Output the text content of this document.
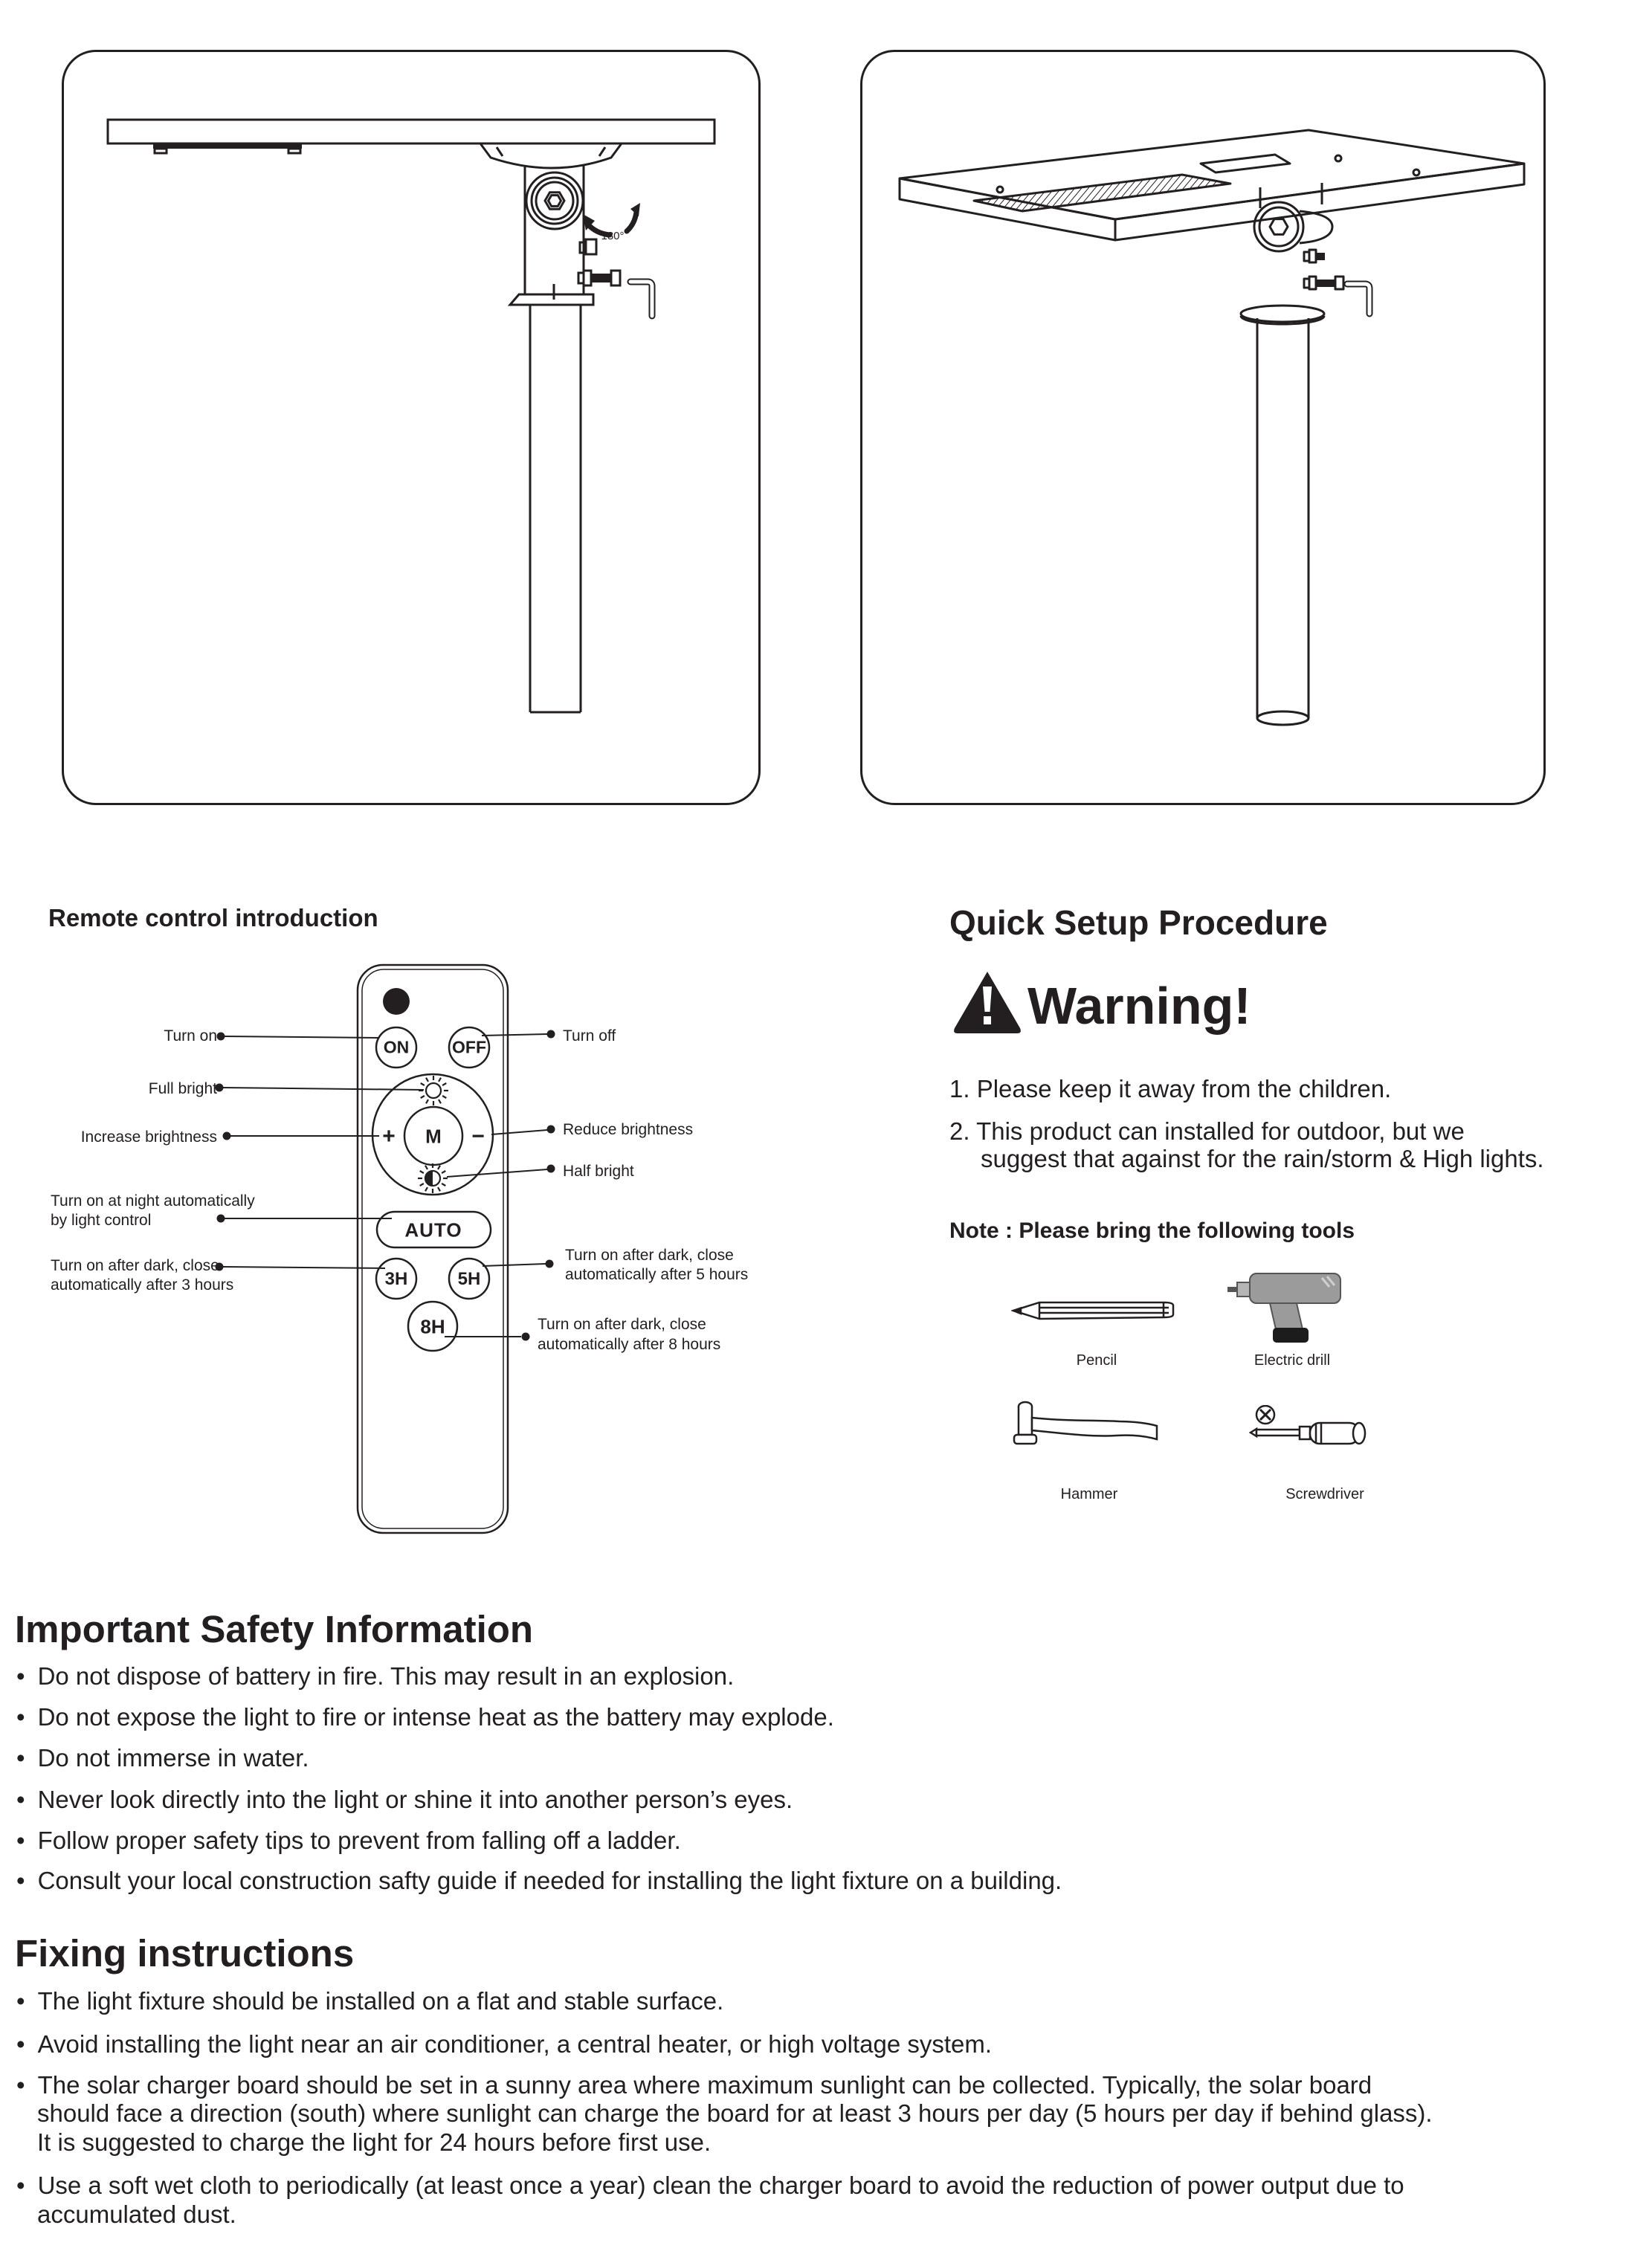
180°
Remote control introduction
ON	OFF
M
+	−
AUTO
3H	5H
8H
Turn on
Full bright
Increase brightness
Turn on at night automatically
by light control
Turn on after dark, close
automatically after 3 hours
Turn off
Reduce brightness
Half bright
Turn on after dark, close
automatically after 5 hours
Turn on after dark, close
automatically after 8 hours
Quick Setup Procedure
Warning!
1. Please keep it away from the children.
2. This product can installed for outdoor, but we
suggest that against for the rain/storm & High lights.
Note : Please bring the following tools
Pencil	Electric drill
Hammer	Screwdriver
Important Safety Information
• Do not dispose of battery in fire. This may result in an explosion.
• Do not expose the light to fire or intense heat as the battery may explode.
• Do not immerse in water.
• Never look directly into the light or shine it into another person’s eyes.
• Follow proper safety tips to prevent from falling off a ladder.
• Consult your local construction safty guide if needed for installing the light fixture on a building.
Fixing instructions
• The light fixture should be installed on a flat and stable surface.
• Avoid installing the light near an air conditioner, a central heater, or high voltage system.
• The solar charger board should be set in a sunny area where maximum sunlight can be collected. Typically, the solar board
should face a direction (south) where sunlight can charge the board for at least 3 hours per day (5 hours per day if behind glass).
It is suggested to charge the light for 24 hours before first use.
• Use a soft wet cloth to periodically (at least once a year) clean the charger board to avoid the reduction of power output due to
accumulated dust.
